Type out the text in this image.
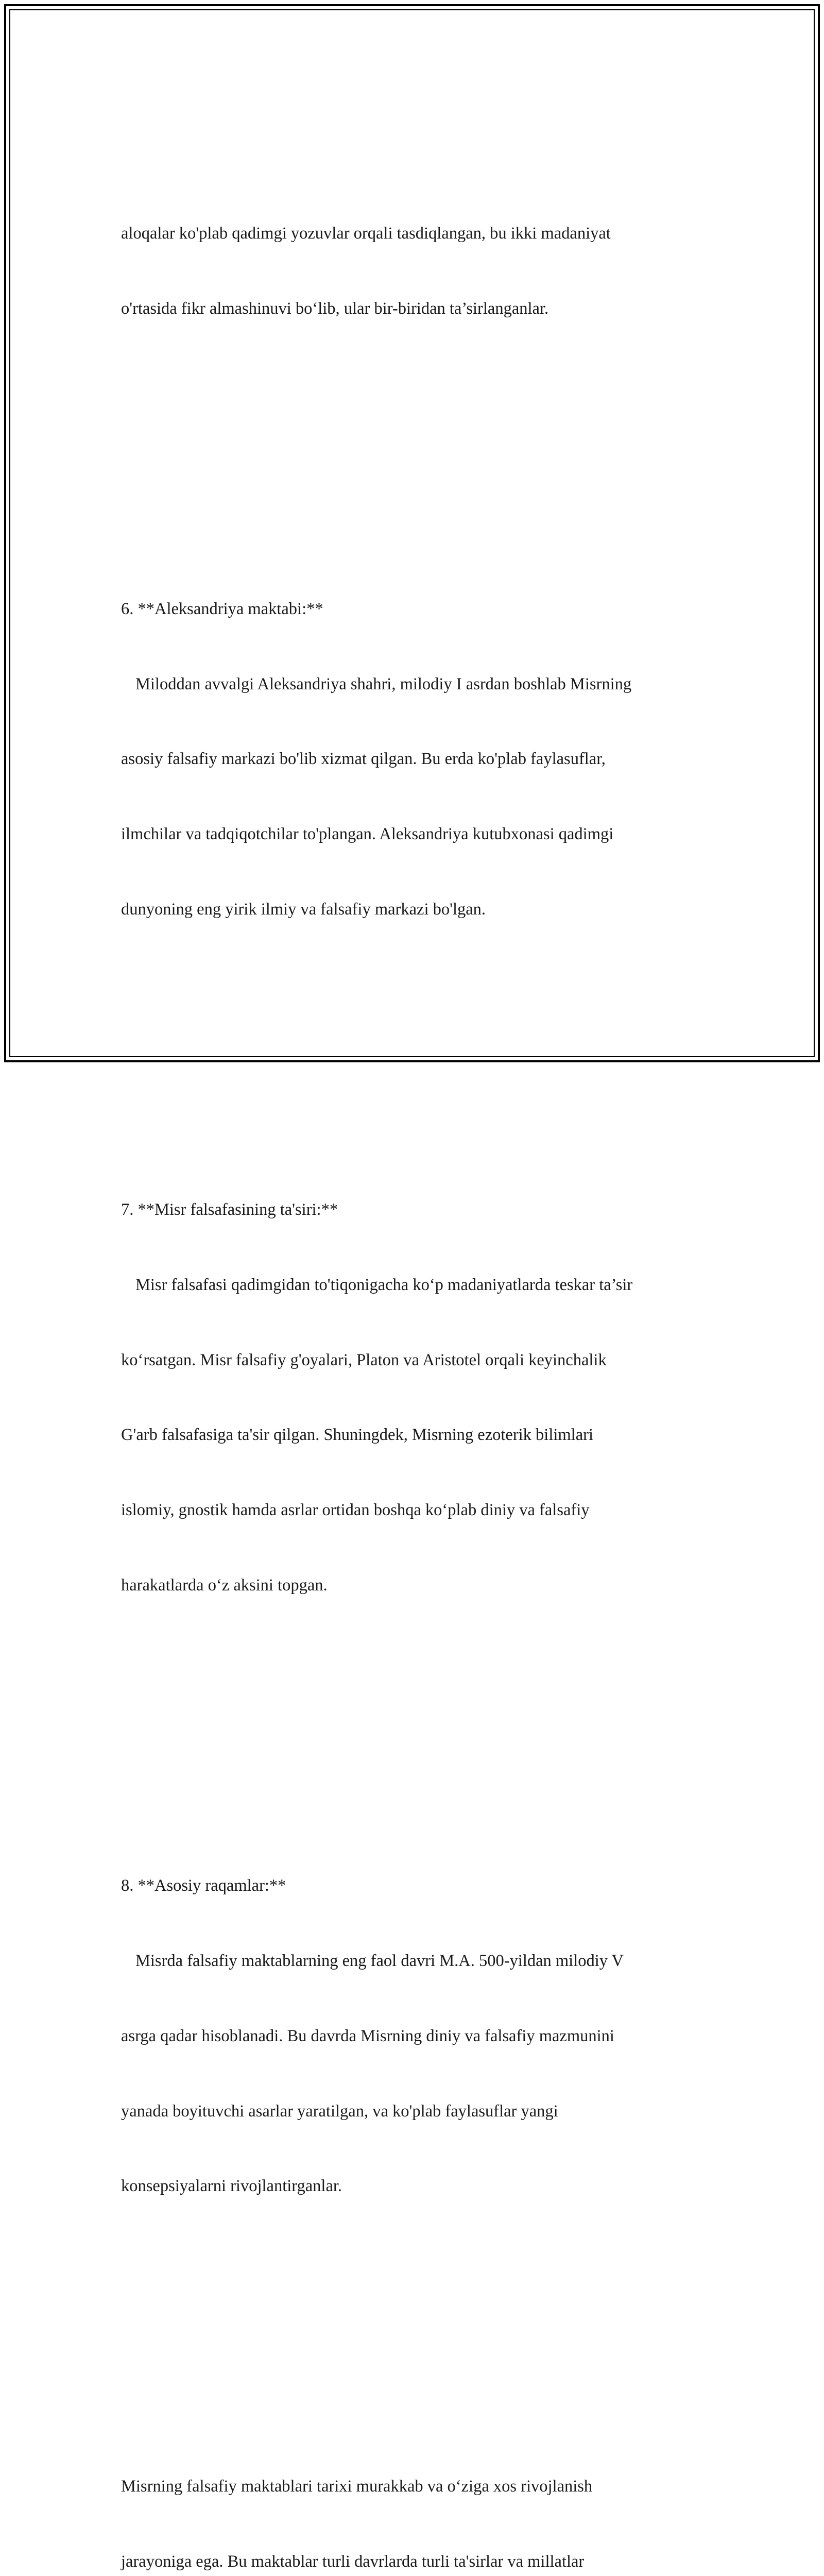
aloqalar ko'plab qadimgi yozuvlar orqali tasdiqlangan, bu ikki madaniyat

o'rtasida fikr almashinuvi bo‘lib, ular bir-biridan ta’sirlanganlar.

6. **Aleksandriya maktabi:**

Miloddan avvalgi Aleksandriya shahri, milodiy I asrdan boshlab Misrning

asosiy falsafiy markazi bo'lib xizmat qilgan. Bu erda ko'plab faylasuflar,

ilmchilar va tadqiqotchilar to'plangan. Aleksandriya kutubxonasi qadimgi

dunyoning eng yirik ilmiy va falsafiy markazi bo'lgan.

7. **Misr falsafasining ta'siri:**

Misr falsafasi qadimgidan to'tiqonigacha ko‘p madaniyatlarda teskar ta’sir

ko‘rsatgan. Misr falsafiy g'oyalari, Platon va Aristotel orqali keyinchalik

G'arb falsafasiga ta'sir qilgan. Shuningdek, Misrning ezoterik bilimlari

islomiy, gnostik hamda asrlar ortidan boshqa ko‘plab diniy va falsafiy

harakatlarda o‘z aksini topgan.

8. **Asosiy raqamlar:**

Misrda falsafiy maktablarning eng faol davri M.A. 500-yildan milodiy V

asrga qadar hisoblanadi. Bu davrda Misrning diniy va falsafiy mazmunini

yanada boyituvchi asarlar yaratilgan, va ko'plab faylasuflar yangi

konsepsiyalarni rivojlantirganlar.

Misrning falsafiy maktablari tarixi murakkab va o‘ziga xos rivojlanish

jarayoniga ega. Bu maktablar turli davrlarda turli ta'sirlar va millatlar
